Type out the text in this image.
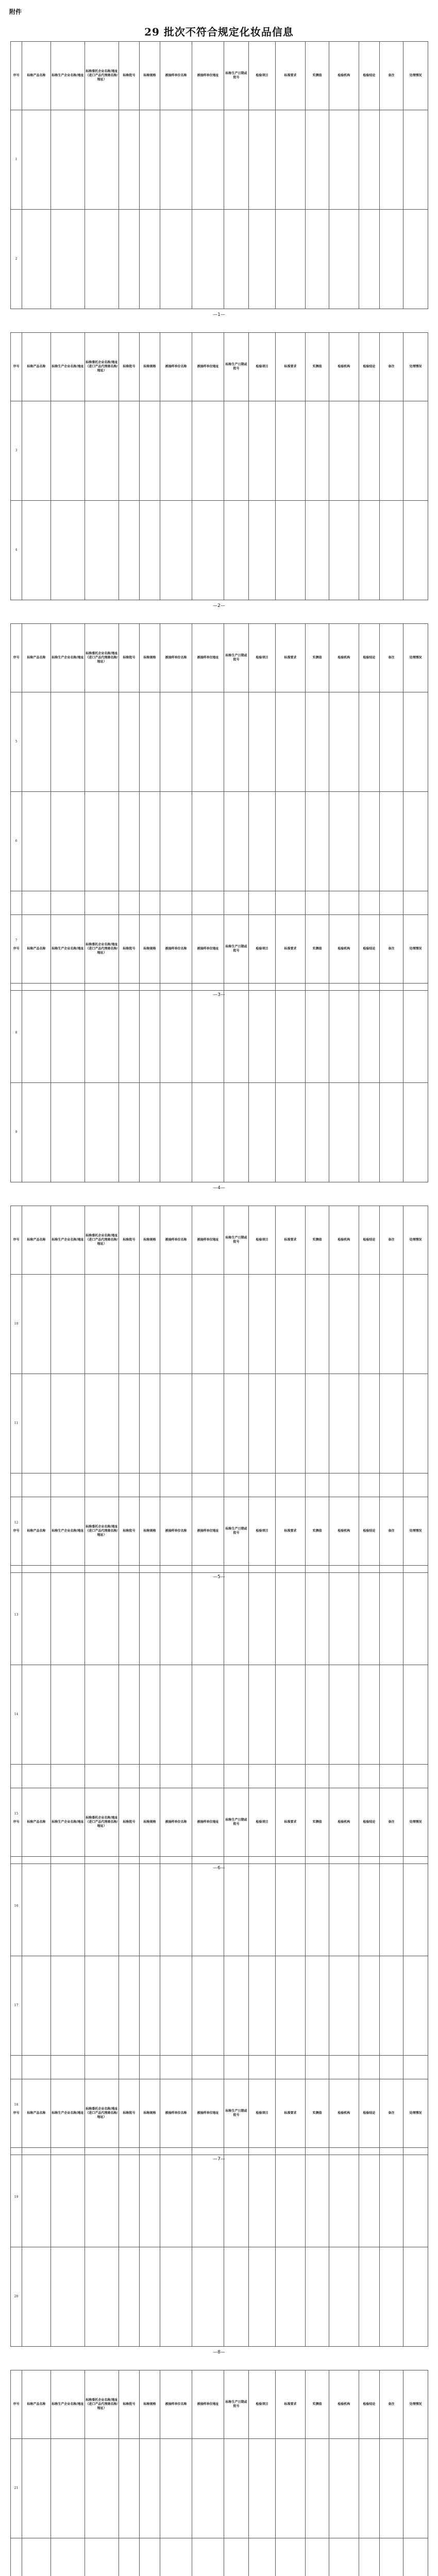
附件
29 批次不符合规定化妆品信息
序号	标称产品名称	标称生产企业名称/地址	标称委托企业名称/地址（进口产品代理商名称/地址）	标称批号	标称规格	被抽样单位名称	被抽样单位地址	标称生产日期或批号	检验项目	标准要求	实测值	检验机构	检验结论	备注	处理情况
1															
2															
—1—
序号	标称产品名称	标称生产企业名称/地址	标称委托企业名称/地址（进口产品代理商名称/地址）	标称批号	标称规格	被抽样单位名称	被抽样单位地址	标称生产日期或批号	检验项目	标准要求	实测值	检验机构	检验结论	备注	处理情况
3															
4															
—2—
序号	标称产品名称	标称生产企业名称/地址	标称委托企业名称/地址（进口产品代理商名称/地址）	标称批号	标称规格	被抽样单位名称	被抽样单位地址	标称生产日期或批号	检验项目	标准要求	实测值	检验机构	检验结论	备注	处理情况
5															
6															
7															
—3—
序号	标称产品名称	标称生产企业名称/地址	标称委托企业名称/地址（进口产品代理商名称/地址）	标称批号	标称规格	被抽样单位名称	被抽样单位地址	标称生产日期或批号	检验项目	标准要求	实测值	检验机构	检验结论	备注	处理情况
8															
9															
—4—
序号	标称产品名称	标称生产企业名称/地址	标称委托企业名称/地址（进口产品代理商名称/地址）	标称批号	标称规格	被抽样单位名称	被抽样单位地址	标称生产日期或批号	检验项目	标准要求	实测值	检验机构	检验结论	备注	处理情况
10															
11															
12															
—5—
序号	标称产品名称	标称生产企业名称/地址	标称委托企业名称/地址（进口产品代理商名称/地址）	标称批号	标称规格	被抽样单位名称	被抽样单位地址	标称生产日期或批号	检验项目	标准要求	实测值	检验机构	检验结论	备注	处理情况
13															
14															
15															
—6—
序号	标称产品名称	标称生产企业名称/地址	标称委托企业名称/地址（进口产品代理商名称/地址）	标称批号	标称规格	被抽样单位名称	被抽样单位地址	标称生产日期或批号	检验项目	标准要求	实测值	检验机构	检验结论	备注	处理情况
16															
17															
18															
—7—
序号	标称产品名称	标称生产企业名称/地址	标称委托企业名称/地址（进口产品代理商名称/地址）	标称批号	标称规格	被抽样单位名称	被抽样单位地址	标称生产日期或批号	检验项目	标准要求	实测值	检验机构	检验结论	备注	处理情况
19															
20															
—8—
序号	标称产品名称	标称生产企业名称/地址	标称委托企业名称/地址（进口产品代理商名称/地址）	标称批号	标称规格	被抽样单位名称	被抽样单位地址	标称生产日期或批号	检验项目	标准要求	实测值	检验机构	检验结论	备注	处理情况
21															
